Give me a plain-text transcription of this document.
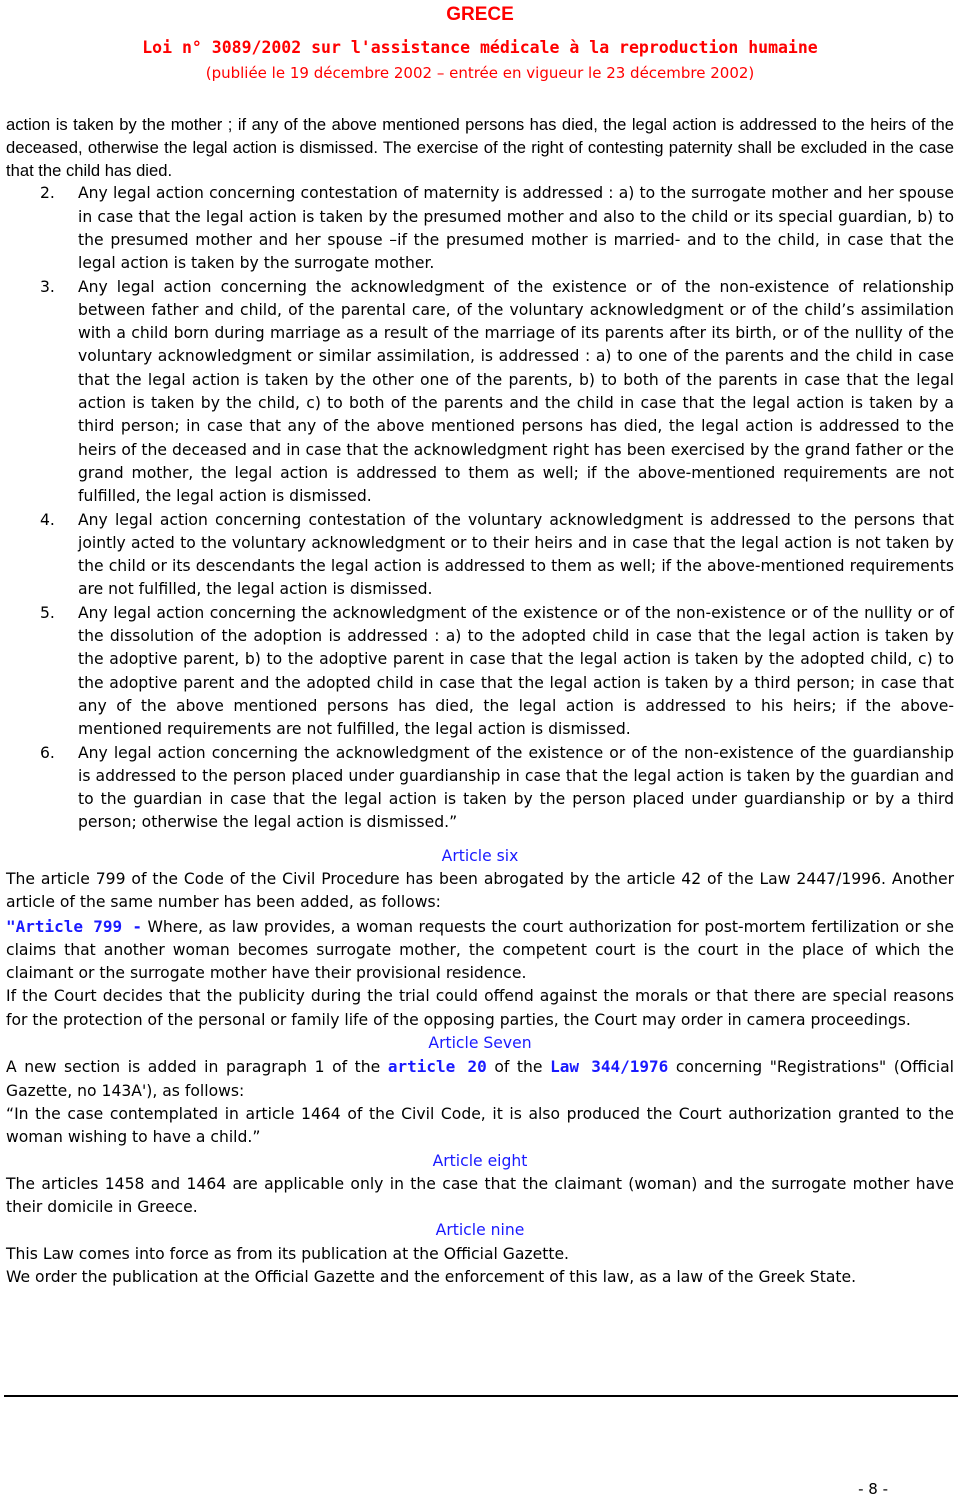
GRECE
Loi n° 3089/2002 sur l'assistance médicale à la reproduction humaine
(publiée le 19 décembre 2002 – entrée en vigueur le 23 décembre 2002)

action is taken by the mother ; if any of the above mentioned persons has died, the legal action is addressed to the heirs of the deceased, otherwise the legal action is dismissed. The exercise of the right of contesting paternity shall be excluded in the case that the child has died.

2. Any legal action concerning contestation of maternity is addressed : a) to the surrogate mother and her spouse in case that the legal action is taken by the presumed mother and also to the child or its special guardian, b) to the presumed mother and her spouse –if the presumed mother is married- and to the child, in case that the legal action is taken by the surrogate mother.

3. Any legal action concerning the acknowledgment of the existence or of the non-existence of relationship between father and child, of the parental care, of the voluntary acknowledgment or of the child’s assimilation with a child born during marriage as a result of the marriage of its parents after its birth, or of the nullity of the voluntary acknowledgment or similar assimilation, is addressed : a) to one of the parents and the child in case that the legal action is taken by the other one of the parents, b) to both of the parents in case that the legal action is taken by the child, c) to both of the parents and the child in case that the legal action is taken by a third person; in case that any of the above mentioned persons has died, the legal action is addressed to the heirs of the deceased and in case that the acknowledgment right has been exercised by the grand father or the grand mother, the legal action is addressed to them as well; if the above-mentioned requirements are not fulfilled, the legal action is dismissed.

4. Any legal action concerning contestation of the voluntary acknowledgment is addressed to the persons that jointly acted to the voluntary acknowledgment or to their heirs and in case that the legal action is not taken by the child or its descendants the legal action is addressed to them as well; if the above-mentioned requirements are not fulfilled, the legal action is dismissed.

5. Any legal action concerning the acknowledgment of the existence or of the non-existence or of the nullity or of the dissolution of the adoption is addressed : a) to the adopted child in case that the legal action is taken by the adoptive parent, b) to the adoptive parent in case that the legal action is taken by the adopted child, c) to the adoptive parent and the adopted child in case that the legal action is taken by a third person; in case that any of the above mentioned persons has died, the legal action is addressed to his heirs; if the above-mentioned requirements are not fulfilled, the legal action is dismissed.

6. Any legal action concerning the acknowledgment of the existence or of the non-existence of the guardianship is addressed to the person placed under guardianship in case that the legal action is taken by the guardian and to the guardian in case that the legal action is taken by the person placed under guardianship or by a third person; otherwise the legal action is dismissed.”

Article six

The article 799 of the Code of the Civil Procedure has been abrogated by the article 42 of the Law 2447/1996. Another article of the same number has been added, as follows:

"Article 799 - Where, as law provides, a woman requests the court authorization for post-mortem fertilization or she claims that another woman becomes surrogate mother, the competent court is the court in the place of which the claimant or the surrogate mother have their provisional residence.

If the Court decides that the publicity during the trial could offend against the morals or that there are special reasons for the protection of the personal or family life of the opposing parties, the Court may order in camera proceedings.

Article Seven

A new section is added in paragraph 1 of the article 20 of the Law 344/1976 concerning "Registrations" (Official Gazette, no 143A'), as follows:

“In the case contemplated in article 1464 of the Civil Code, it is also produced the Court authorization granted to the woman wishing to have a child.”

Article eight

The articles 1458 and 1464 are applicable only in the case that the claimant (woman) and the surrogate mother have their domicile in Greece.

Article nine

This Law comes into force as from its publication at the Official Gazette.

We order the publication at the Official Gazette and the enforcement of this law, as a law of the Greek State.

- 8 -
